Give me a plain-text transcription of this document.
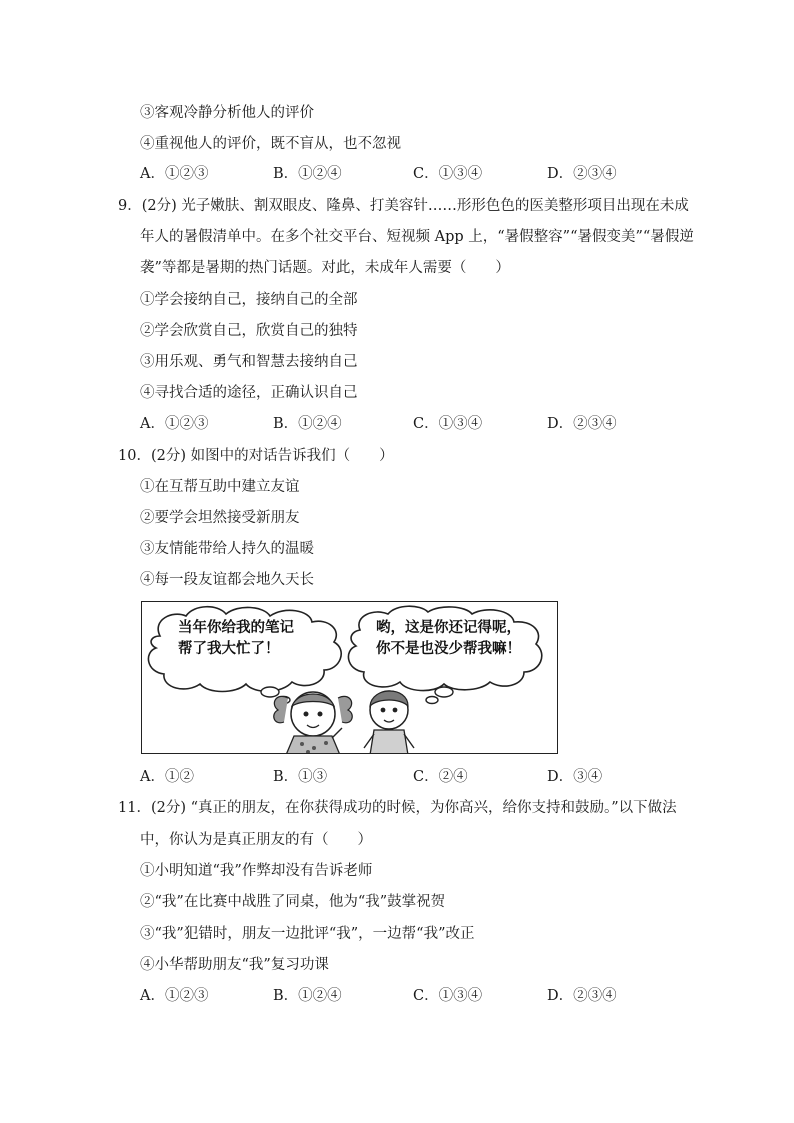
③客观冷静分析他人的评价
④重视他人的评价，既不盲从，也不忽视
A．①②③	B．①②④	C．①③④	D．②③④
9．(2分) 光子嫩肤、割双眼皮、隆鼻、打美容针……形形色色的医美整形项目出现在未成
年人的暑假清单中。在多个社交平台、短视频 App 上，“暑假整容”“暑假变美”“暑假逆
袭”等都是暑期的热门话题。对此，未成年人需要（　　）
①学会接纳自己，接纳自己的全部
②学会欣赏自己，欣赏自己的独特
③用乐观、勇气和智慧去接纳自己
④寻找合适的途径，正确认识自己
A．①②③	B．①②④	C．①③④	D．②③④
10．(2分) 如图中的对话告诉我们（　　）
①在互帮互助中建立友谊
②要学会坦然接受新朋友
③友情能带给人持久的温暖
④每一段友谊都会地久天长
当年你给我的笔记
帮了我大忙了！
哟，这是你还记得呢，
你不是也没少帮我嘛！
A．①②	B．①③	C．②④	D．③④
11．(2分) “真正的朋友，在你获得成功的时候，为你高兴，给你支持和鼓励。”以下做法
中，你认为是真正朋友的有（　　）
①小明知道“我”作弊却没有告诉老师
②“我”在比赛中战胜了同桌，他为“我”鼓掌祝贺
③“我”犯错时，朋友一边批评“我”，一边帮“我”改正
④小华帮助朋友“我”复习功课
A．①②③	B．①②④	C．①③④	D．②③④
